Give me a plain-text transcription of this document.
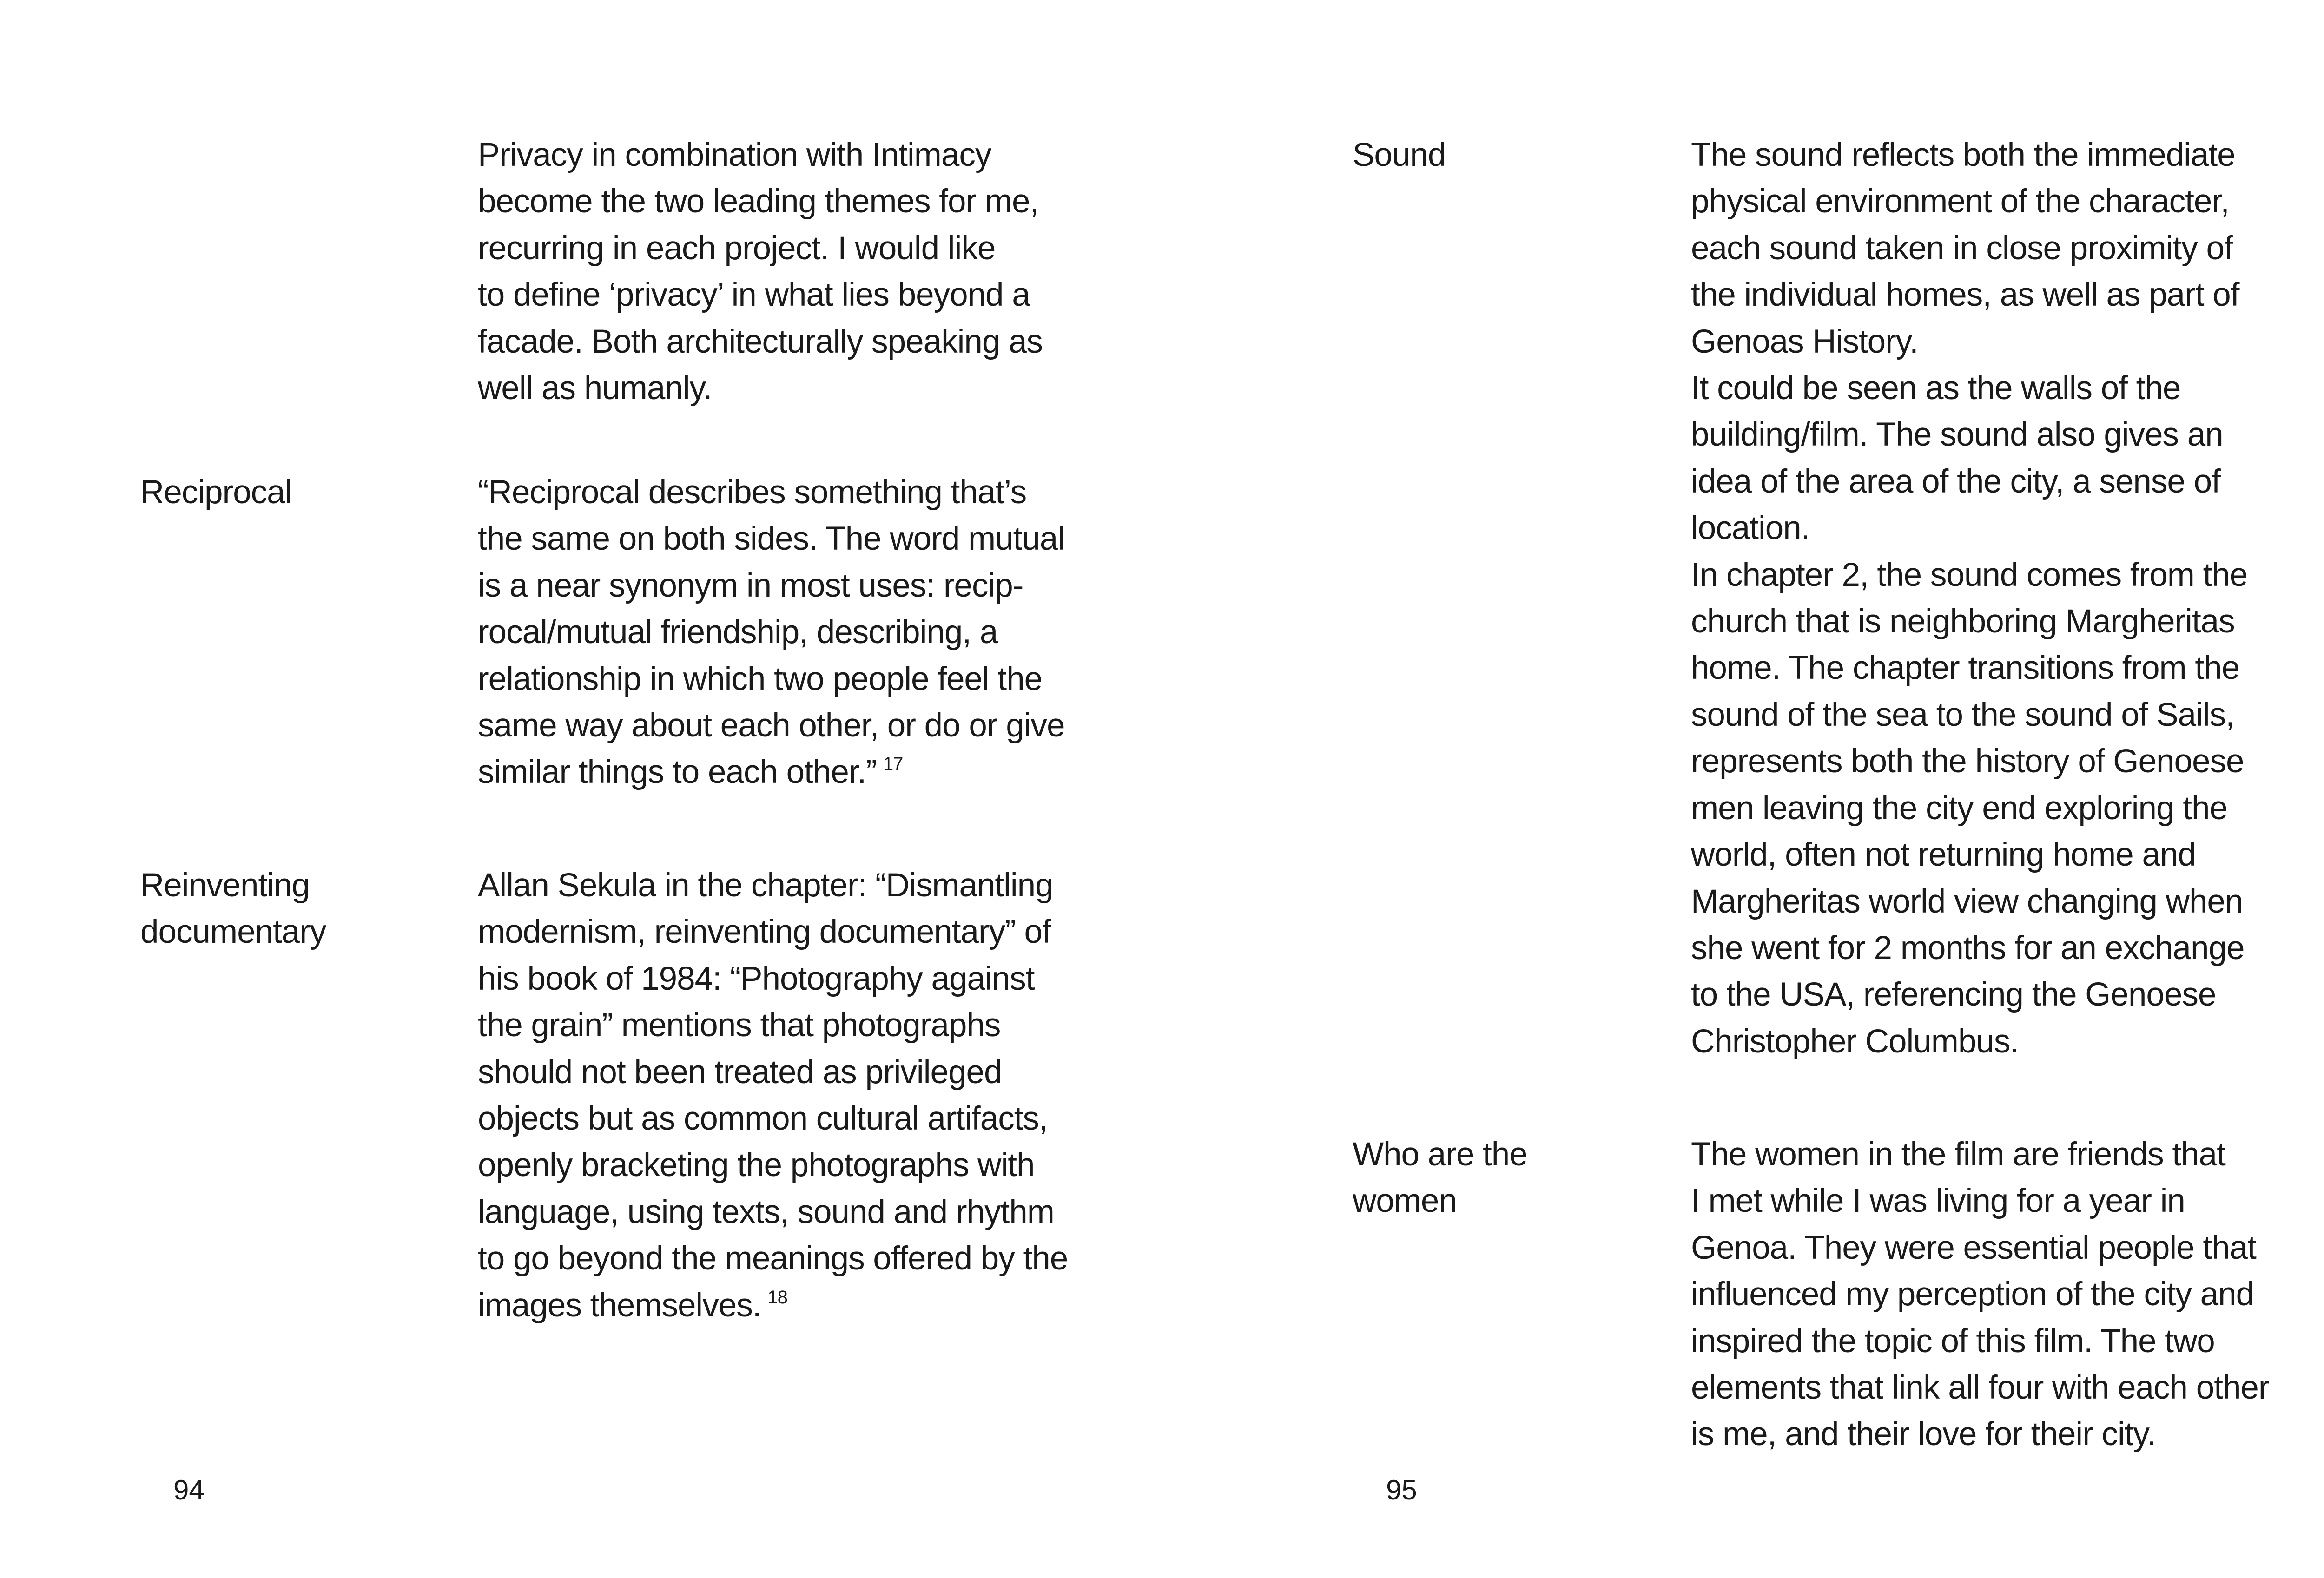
Privacy in combination with Intimacy
become the two leading themes for me,
recurring in each project. I would like
to define ‘privacy’ in what lies beyond a
facade. Both architecturally speaking as
well as humanly.
Reciprocal	“Reciprocal describes something that’s
the same on both sides. The word mutual
is a near synonym in most uses: recip-
rocal/mutual friendship, describing, a
relationship in which two people feel the
same way about each other, or do or give
similar things to each other.” $^{17}$
Reinventing
documentary
Allan Sekula in the chapter: “Dismantling
modernism, reinventing documentary” of
his book of 1984: “Photography against
the grain” mentions that photographs
should not been treated as privileged
objects but as common cultural artifacts,
openly bracketing the photographs with
language, using texts, sound and rhythm
to go beyond the meanings offered by the
images themselves. $^{18}$
94
Sound	The sound reflects both the immediate
physical environment of the character,
each sound taken in close proximity of
the individual homes, as well as part of
Genoas History.
It could be seen as the walls of the
building/film. The sound also gives an
idea of the area of the city, a sense of
location.
In chapter 2, the sound comes from the
church that is neighboring Margheritas
home. The chapter transitions from the
sound of the sea to the sound of Sails,
represents both the history of Genoese
men leaving the city end exploring the
world, often not returning home and
Margheritas world view changing when
she went for 2 months for an exchange
to the USA, referencing the Genoese
Christopher Columbus.
Who are the
women
The women in the film are friends that
I met while I was living for a year in
Genoa. They were essential people that
influenced my perception of the city and
inspired the topic of this film. The two
elements that link all four with each other
is me, and their love for their city.
95
